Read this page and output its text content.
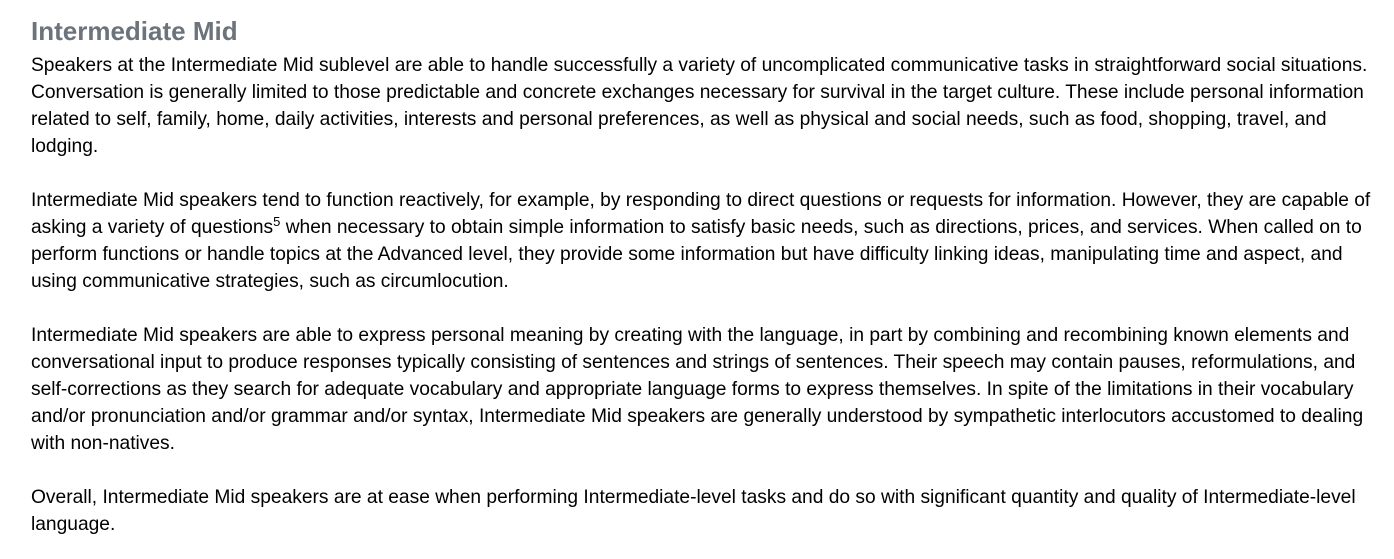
Intermediate Mid

Speakers at the Intermediate Mid sublevel are able to handle successfully a variety of uncomplicated communicative tasks in straightforward social situations. Conversation is generally limited to those predictable and concrete exchanges necessary for survival in the target culture. These include personal information related to self, family, home, daily activities, interests and personal preferences, as well as physical and social needs, such as food, shopping, travel, and lodging.

Intermediate Mid speakers tend to function reactively, for example, by responding to direct questions or requests for information. However, they are capable of asking a variety of questions$^5$ when necessary to obtain simple information to satisfy basic needs, such as directions, prices, and services. When called on to perform functions or handle topics at the Advanced level, they provide some information but have difficulty linking ideas, manipulating time and aspect, and using communicative strategies, such as circumlocution.

Intermediate Mid speakers are able to express personal meaning by creating with the language, in part by combining and recombining known elements and conversational input to produce responses typically consisting of sentences and strings of sentences. Their speech may contain pauses, reformulations, and self-corrections as they search for adequate vocabulary and appropriate language forms to express themselves. In spite of the limitations in their vocabulary and/or pronunciation and/or grammar and/or syntax, Intermediate Mid speakers are generally understood by sympathetic interlocutors accustomed to dealing with non-natives.

Overall, Intermediate Mid speakers are at ease when performing Intermediate-level tasks and do so with significant quantity and quality of Intermediate-level language.
